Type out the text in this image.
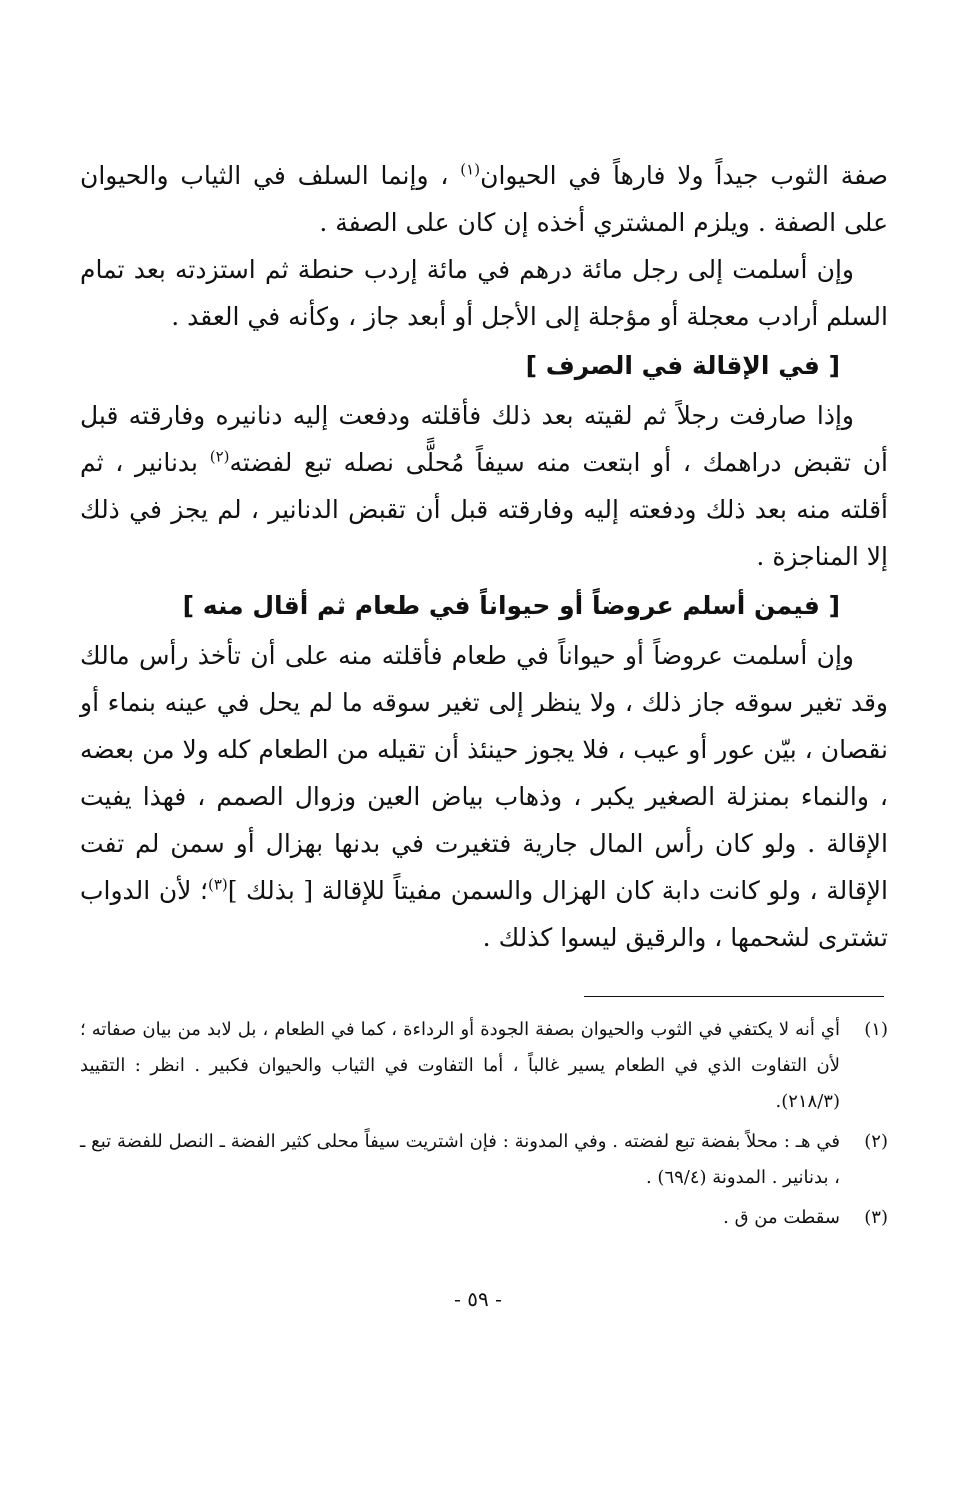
صفة الثوب جيداً ولا فارهاً في الحيوان$^{(١)}$ ، وإنما السلف في الثياب والحيوان على الصفة . ويلزم المشتري أخذه إن كان على الصفة .

وإن أسلمت إلى رجل مائة درهم في مائة إردب حنطة ثم استزدته بعد تمام السلم أرادب معجلة أو مؤجلة إلى الأجل أو أبعد جاز ، وكأنه في العقد .

[ في الإقالة في الصرف ]

وإذا صارفت رجلاً ثم لقيته بعد ذلك فأقلته ودفعت إليه دنانيره وفارقته قبل أن تقبض دراهمك ، أو ابتعت منه سيفاً مُحلًّى نصله تبع لفضته$^{(٢)}$ بدنانير ، ثم أقلته منه بعد ذلك ودفعته إليه وفارقته قبل أن تقبض الدنانير ، لم يجز في ذلك إلا المناجزة .

[ فيمن أسلم عروضاً أو حيواناً في طعام ثم أقال منه ]

وإن أسلمت عروضاً أو حيواناً في طعام فأقلته منه على أن تأخذ رأس مالك وقد تغير سوقه جاز ذلك ، ولا ينظر إلى تغير سوقه ما لم يحل في عينه بنماء أو نقصان ، بيّن عور أو عيب ، فلا يجوز حينئذ أن تقيله من الطعام كله ولا من بعضه ، والنماء بمنزلة الصغير يكبر ، وذهاب بياض العين وزوال الصمم ، فهذا يفيت الإقالة . ولو كان رأس المال جارية فتغيرت في بدنها بهزال أو سمن لم تفت الإقالة ، ولو كانت دابة كان الهزال والسمن مفيتاً للإقالة [ بذلك ]$^{(٣)}$؛ لأن الدواب تشترى لشحمها ، والرقيق ليسوا كذلك .

(١)
أي أنه لا يكتفي في الثوب والحيوان بصفة الجودة أو الرداءة ، كما في الطعام ، بل لابد من بيان صفاته ؛ لأن التفاوت الذي في الطعام يسير غالباً ، أما التفاوت في الثياب والحيوان فكبير . انظر : التقييد (٢١٨/٣).
(٢)
في هـ : محلاً بفضة تبع لفضته . وفي المدونة : فإن اشتريت سيفاً محلى كثير الفضة ـ النصل للفضة تبع ـ ، بدنانير . المدونة (٦٩/٤) .
(٣)
سقطت من ق .
- ٥٩ -
